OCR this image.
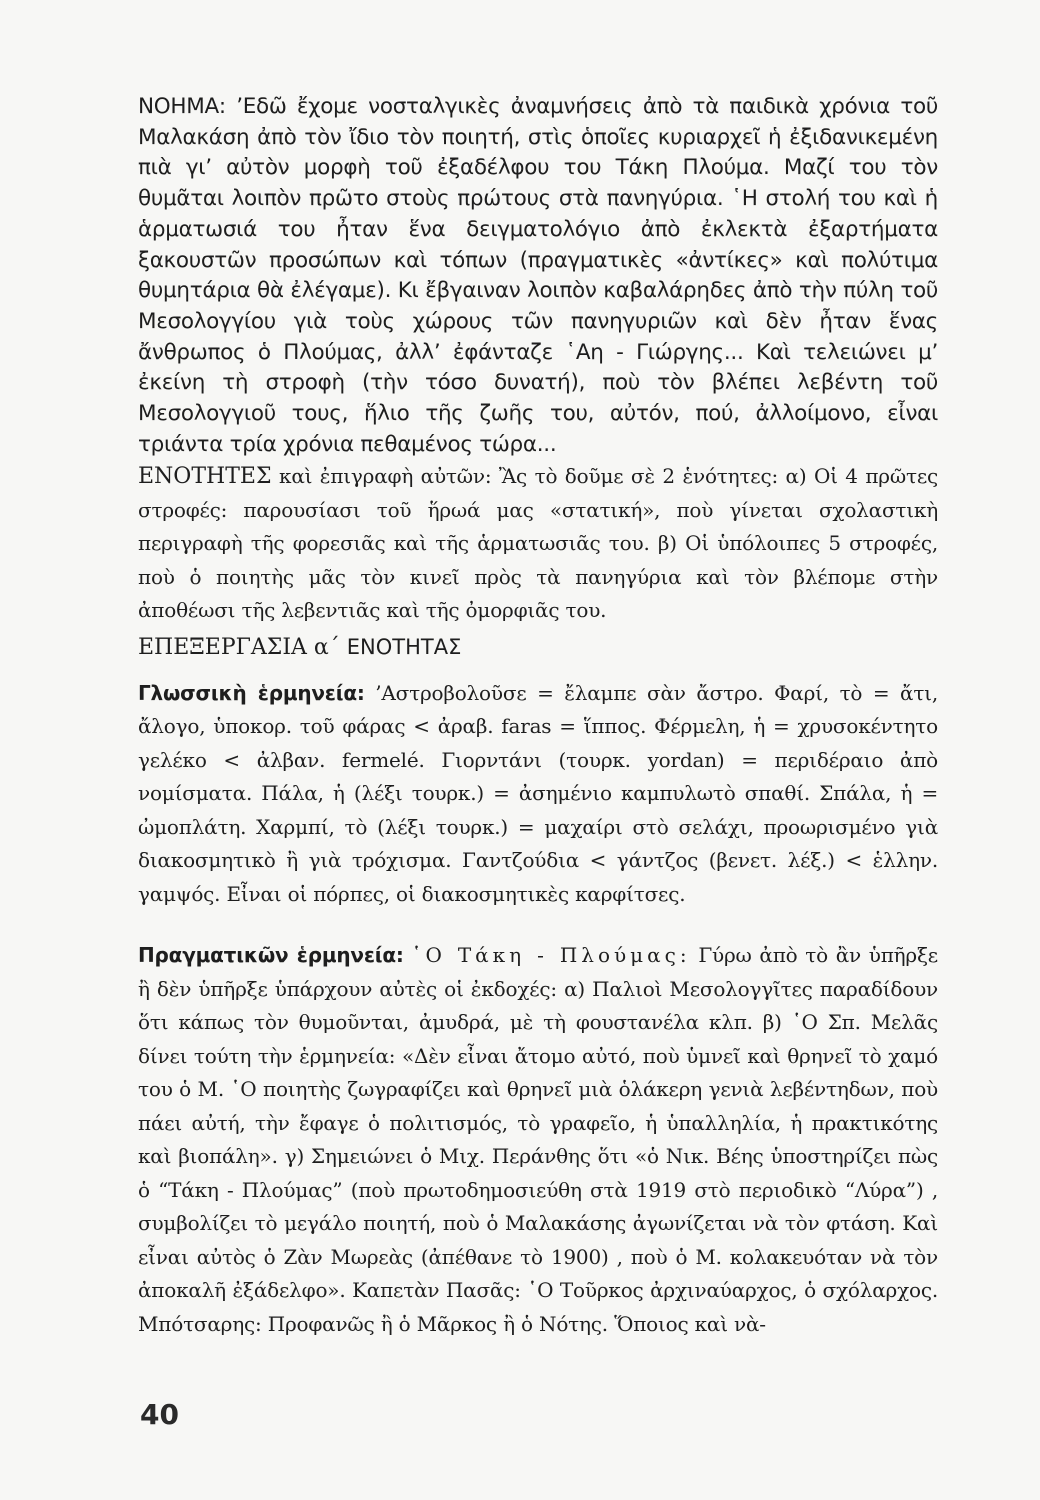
ΝΟΗΜΑ: ’Εδῶ ἔχομε νοσταλγικὲς ἀναμνήσεις ἀπὸ τὰ παιδικὰ χρόνια τοῦ Μαλακάση ἀπὸ τὸν ἴδιο τὸν ποιητή, στὶς ὁποῖες κυριαρχεῖ ἡ ἐξιδανικεμένη πιὰ γι’ αὐτὸν μορφὴ τοῦ ἐξαδέλφου του Τάκη Πλούμα. Μαζί του τὸν θυμᾶται λοιπὸν πρῶτο στοὺς πρώτους στὰ πανηγύρια. ῾Η στολή του καὶ ἡ ἁρματωσιά του ἦταν ἕνα δειγματολόγιο ἀπὸ ἐκλεκτὰ ἐξαρτήματα ξακουστῶν προσώπων καὶ τόπων (πραγματικὲς «ἀντίκες» καὶ πολύτιμα θυμητάρια θὰ ἐλέγαμε). Κι ἔβγαιναν λοιπὸν καβαλάρηδες ἀπὸ τὴν πύλη τοῦ Μεσολογγίου γιὰ τοὺς χώρους τῶν πανηγυριῶν καὶ δὲν ἦταν ἕνας ἄνθρωπος ὁ Πλούμας, ἀλλ’ ἐφάνταζε ῾Αη - Γιώργης... Καὶ τελειώνει μ’ ἐκείνη τὴ στροφὴ (τὴν τόσο δυνατή), ποὺ τὸν βλέπει λεβέντη τοῦ Μεσολογγιοῦ τους, ἥλιο τῆς ζωῆς του, αὐτόν, πού, ἀλλοίμονο, εἶναι τριάντα τρία χρόνια πεθαμένος τώρα...

ΕΝΟΤΗΤΕΣ καὶ ἐπιγραφὴ αὐτῶν: Ἂς τὸ δοῦμε σὲ 2 ἑνότητες: α) Οἱ 4 πρῶτες στροφές: παρουσίασι τοῦ ἥρωά μας «στατική», ποὺ γίνεται σχολαστικὴ περιγραφὴ τῆς φορεσιᾶς καὶ τῆς ἁρματωσιᾶς του. β) Οἱ ὑπόλοιπες 5 στροφές, ποὺ ὁ ποιητὴς μᾶς τὸν κινεῖ πρὸς τὰ πανηγύρια καὶ τὸν βλέπομε στὴν ἀποθέωσι τῆς λεβεντιᾶς καὶ τῆς ὀμορφιᾶς του.

ΕΠΕΞΕΡΓΑΣΙΑ α΄ ΕΝΟΤΗΤΑΣ

Γλωσσικὴ ἑρμηνεία: ’Αστροβολοῦσε = ἔλαμπε σὰν ἄστρο. Φαρί, τὸ = ἄτι, ἄλογο, ὑποκορ. τοῦ φάρας < ἀραβ. faras = ἵππος. Φέρμελη, ἡ = χρυσοκέντητο γελέκο < ἀλβαν. fermelé. Γιορντάνι (τουρκ. yordan) = περιδέραιο ἀπὸ νομίσματα. Πάλα, ἡ (λέξι τουρκ.) = ἀσημένιο καμπυλωτὸ σπαθί. Σπάλα, ἡ = ὠμοπλάτη. Χαρμπί, τὸ (λέξι τουρκ.) = μαχαίρι στὸ σελάχι, προωρισμένο γιὰ διακοσμητικὸ ἢ γιὰ τρόχισμα. Γαντζούδια < γάντζος (βενετ. λέξ.) < ἑλλην. γαμψός. Εἶναι οἱ πόρπες, οἱ διακοσμητικὲς καρφίτσες.

Πραγματικῶν ἑρμηνεία: ῾Ο Τάκη - Πλούμας: Γύρω ἀπὸ τὸ ἂν ὑπῆρξε ἢ δὲν ὑπῆρξε ὑπάρχουν αὐτὲς οἱ ἐκδοχές: α) Παλιοὶ Μεσολογγῖτες παραδίδουν ὅτι κάπως τὸν θυμοῦνται, ἀμυδρά, μὲ τὴ φουστανέλα κλπ. β) ῾Ο Σπ. Μελᾶς δίνει τούτη τὴν ἑρμηνεία: «Δὲν εἶναι ἄτομο αὐτό, ποὺ ὑμνεῖ καὶ θρηνεῖ τὸ χαμό του ὁ Μ. ῾Ο ποιητὴς ζωγραφίζει καὶ θρηνεῖ μιὰ ὁλάκερη γενιὰ λεβέντηδων, ποὺ πάει αὐτή, τὴν ἔφαγε ὁ πολιτισμός, τὸ γραφεῖο, ἡ ὑπαλληλία, ἡ πρακτικότης καὶ βιοπάλη». γ) Σημειώνει ὁ Μιχ. Περάνθης ὅτι «ὁ Νικ. Βέης ὑποστηρίζει πὼς ὁ “Τάκη - Πλούμας” (ποὺ πρωτοδημοσιεύθη στὰ 1919 στὸ περιοδικὸ “Λύρα”) , συμβολίζει τὸ μεγάλο ποιητή, ποὺ ὁ Μαλακάσης ἀγωνίζεται νὰ τὸν φτάση. Καὶ εἶναι αὐτὸς ὁ Ζὰν Μωρεὰς (ἀπέθανε τὸ 1900) , ποὺ ὁ Μ. κολακευόταν νὰ τὸν ἀποκαλῆ ἐξάδελφο». Καπετὰν Πασᾶς: ῾Ο Τοῦρκος ἀρχιναύαρχος, ὁ σχόλαρχος. Μπότσαρης: Προφανῶς ἢ ὁ Μᾶρκος ἢ ὁ Νότης. Ὅποιος καὶ νὰ-

40
